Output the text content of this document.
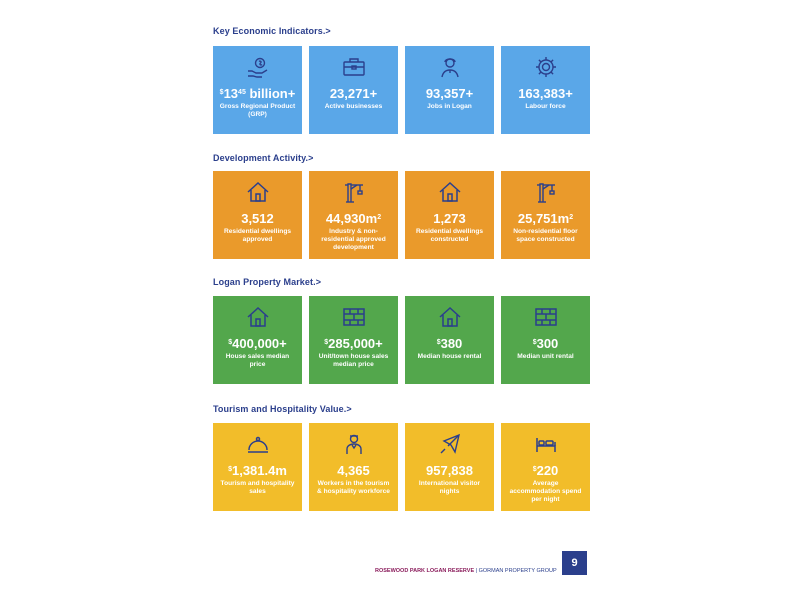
Key Economic Indicators.>
$^{\$}13^{45}$ billion+
Gross Regional Product (GRP)
23,271+
Active businesses
93,357+
Jobs in Logan
163,383+
Labour force
Development Activity.>
3,512
Residential dwellings approved
$44,930m^2$
Industry & non-residential approved development
1,273
Residential dwellings constructed
$25,751m^2$
Non-residential floor space constructed
Logan Property Market.>
$400,000+
House sales median price
$285,000+
Unit/town house sales median price
$380
Median house rental
$300
Median unit rental
Tourism and Hospitality Value.>
$1,381.4m
Tourism and hospitality sales
4,365
Workers in the tourism & hospitality workforce
957,838
International visitor nights
$220
Average accommodation spend per night
ROSEWOOD PARK LOGAN RESERVE | GORMAN PROPERTY GROUP
9
